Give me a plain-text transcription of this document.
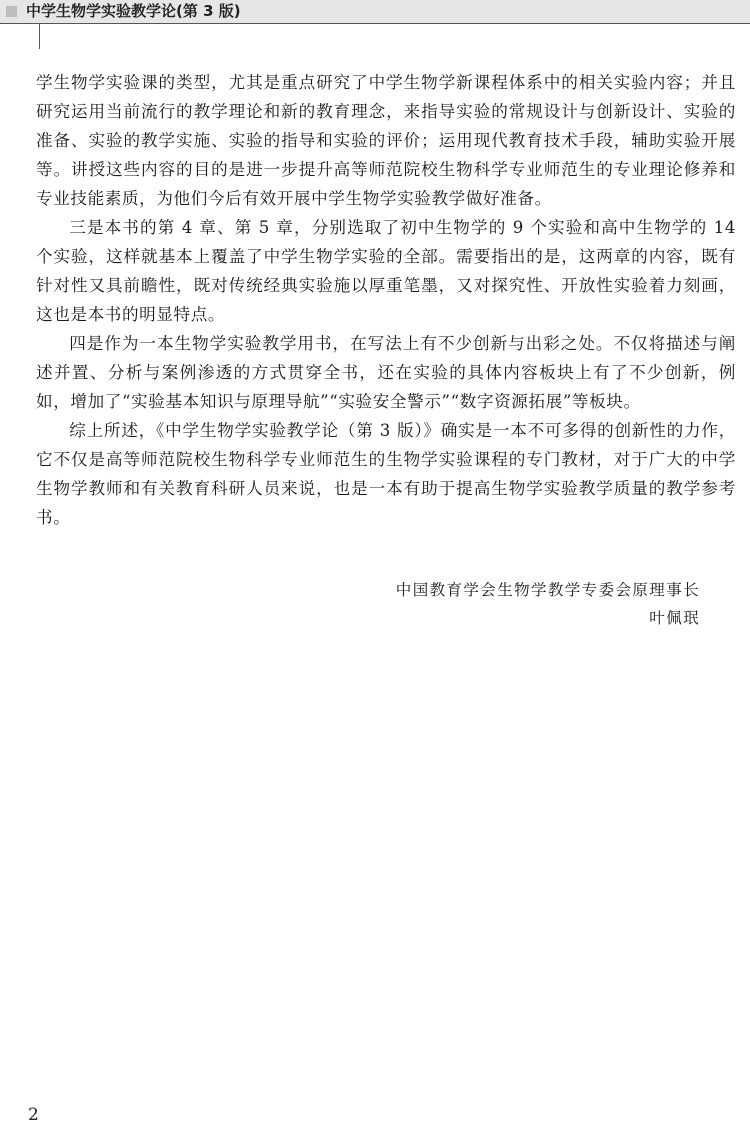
中学生物学实验教学论(第 3 版)

学生物学实验课的类型，尤其是重点研究了中学生物学新课程体系中的相关实验内容；并且研究运用当前流行的教学理论和新的教育理念，来指导实验的常规设计与创新设计、实验的准备、实验的教学实施、实验的指导和实验的评价；运用现代教育技术手段，辅助实验开展等。讲授这些内容的目的是进一步提升高等师范院校生物科学专业师范生的专业理论修养和专业技能素质，为他们今后有效开展中学生物学实验教学做好准备。

三是本书的第 4 章、第 5 章，分别选取了初中生物学的 9 个实验和高中生物学的 14 个实验，这样就基本上覆盖了中学生物学实验的全部。需要指出的是，这两章的内容，既有针对性又具前瞻性，既对传统经典实验施以厚重笔墨，又对探究性、开放性实验着力刻画，这也是本书的明显特点。

四是作为一本生物学实验教学用书，在写法上有不少创新与出彩之处。不仅将描述与阐述并置、分析与案例渗透的方式贯穿全书，还在实验的具体内容板块上有了不少创新，例如，增加了“实验基本知识与原理导航”“实验安全警示”“数字资源拓展”等板块。

综上所述，《中学生物学实验教学论（第 3 版）》确实是一本不可多得的创新性的力作，它不仅是高等师范院校生物科学专业师范生的生物学实验课程的专门教材，对于广大的中学生物学教师和有关教育科研人员来说，也是一本有助于提高生物学实验教学质量的教学参考书。

中国教育学会生物学教学专委会原理事长
叶佩珉
2
